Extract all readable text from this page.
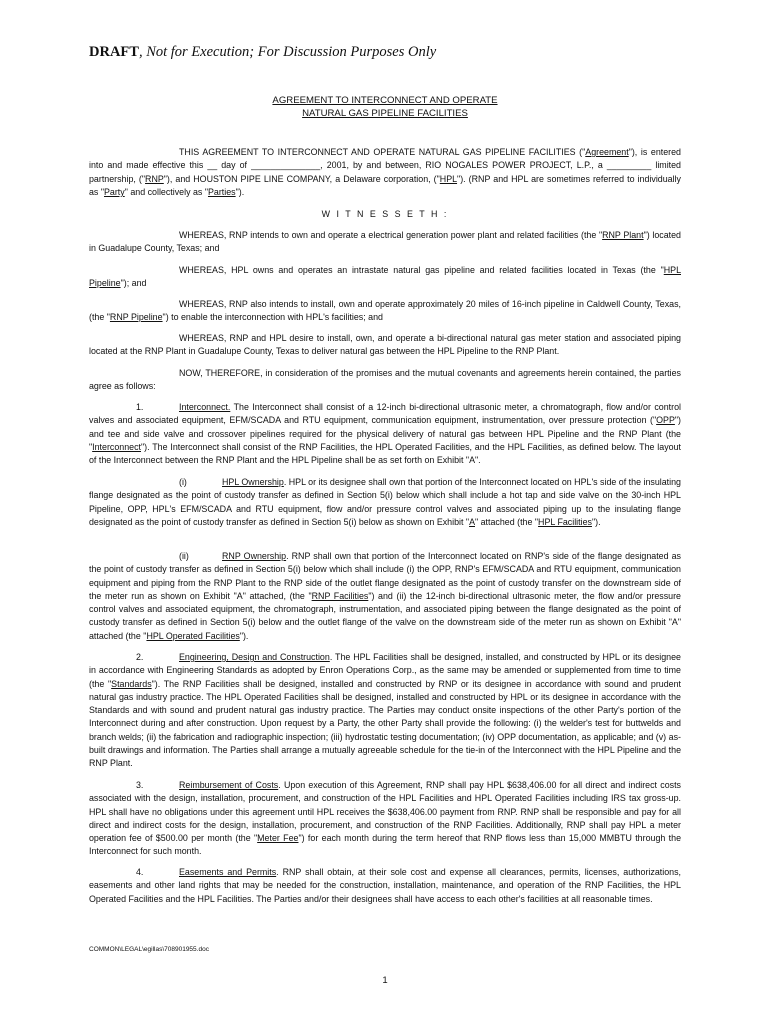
DRAFT, Not for Execution; For Discussion Purposes Only
AGREEMENT TO INTERCONNECT AND OPERATE
NATURAL GAS PIPELINE FACILITIES

THIS AGREEMENT TO INTERCONNECT AND OPERATE NATURAL GAS PIPELINE FACILITIES ("Agreement"), is entered into and made effective this __ day of ______________, 2001, by and between, RIO NOGALES POWER PROJECT, L.P., a _________ limited partnership, ("RNP"), and HOUSTON PIPE LINE COMPANY, a Delaware corporation, ("HPL"). (RNP and HPL are sometimes referred to individually as "Party" and collectively as "Parties").

W I T N E S S E T H :

WHEREAS, RNP intends to own and operate a electrical generation power plant and related facilities (the "RNP Plant") located in Guadalupe County, Texas; and

WHEREAS, HPL owns and operates an intrastate natural gas pipeline and related facilities located in Texas (the "HPL Pipeline"); and

WHEREAS, RNP also intends to install, own and operate approximately 20 miles of 16-inch pipeline in Caldwell County, Texas, (the "RNP Pipeline") to enable the interconnection with HPL's facilities; and

WHEREAS, RNP and HPL desire to install, own, and operate a bi-directional natural gas meter station and associated piping located at the RNP Plant in Guadalupe County, Texas to deliver natural gas between the HPL Pipeline to the RNP Plant.

NOW, THEREFORE, in consideration of the promises and the mutual covenants and agreements herein contained, the parties agree as follows:

1.	Interconnect. The Interconnect shall consist of a 12-inch bi-directional ultrasonic meter, a chromatograph, flow and/or control valves and associated equipment, EFM/SCADA and RTU equipment, communication equipment, instrumentation, over pressure protection ("OPP") and tee and side valve and crossover pipelines required for the physical delivery of natural gas between HPL Pipeline and the RNP Plant (the "Interconnect"). The Interconnect shall consist of the RNP Facilities, the HPL Operated Facilities, and the HPL Facilities, as defined below. The layout of the Interconnect between the RNP Plant and the HPL Pipeline shall be as set forth on Exhibit "A".

(i)	HPL Ownership. HPL or its designee shall own that portion of the Interconnect located on HPL's side of the insulating flange designated as the point of custody transfer as defined in Section 5(i) below which shall include a hot tap and side valve on the 30-inch HPL Pipeline, OPP, HPL's EFM/SCADA and RTU equipment, flow and/or pressure control valves and associated piping up to the insulating flange designated as the point of custody transfer as defined in Section 5(i) below as shown on Exhibit "A" attached (the "HPL Facilities").

(ii)	RNP Ownership. RNP shall own that portion of the Interconnect located on RNP's side of the flange designated as the point of custody transfer as defined in Section 5(i) below which shall include (i) the OPP, RNP's EFM/SCADA and RTU equipment, communication equipment and piping from the RNP Plant to the RNP side of the outlet flange designated as the point of custody transfer on the downstream side of the meter run as shown on Exhibit "A" attached, (the "RNP Facilities") and (ii) the 12-inch bi-directional ultrasonic meter, the flow and/or pressure control valves and associated equipment, the chromatograph, instrumentation, and associated piping between the flange designated as the point of custody transfer as defined in Section 5(i) below and the outlet flange of the valve on the downstream side of the meter run as shown on Exhibit "A" attached (the "HPL Operated Facilities").

2.	Engineering, Design and Construction. The HPL Facilities shall be designed, installed, and constructed by HPL or its designee in accordance with Engineering Standards as adopted by Enron Operations Corp., as the same may be amended or supplemented from time to time (the "Standards"). The RNP Facilities shall be designed, installed and constructed by RNP or its designee in accordance with sound and prudent natural gas industry practice. The HPL Operated Facilities shall be designed, installed and constructed by HPL or its designee in accordance with the Standards and with sound and prudent natural gas industry practice. The Parties may conduct onsite inspections of the other Party's portion of the Interconnect during and after construction. Upon request by a Party, the other Party shall provide the following: (i) the welder's test for buttwelds and branch welds; (ii) the fabrication and radiographic inspection; (iii) hydrostatic testing documentation; (iv) OPP documentation, as applicable; and (v) as-built drawings and information. The Parties shall arrange a mutually agreeable schedule for the tie-in of the Interconnect with the HPL Pipeline and the RNP Plant.

3.	Reimbursement of Costs. Upon execution of this Agreement, RNP shall pay HPL $638,406.00 for all direct and indirect costs associated with the design, installation, procurement, and construction of the HPL Facilities and HPL Operated Facilities including IRS tax gross-up. HPL shall have no obligations under this agreement until HPL receives the $638,406.00 payment from RNP. RNP shall be responsible and pay for all direct and indirect costs for the design, installation, procurement, and construction of the RNP Facilities. Additionally, RNP shall pay HPL a meter operation fee of $500.00 per month (the "Meter Fee") for each month during the term hereof that RNP flows less than 15,000 MMBTU through the Interconnect for such month.

4.	Easements and Permits. RNP shall obtain, at their sole cost and expense all clearances, permits, licenses, authorizations, easements and other land rights that may be needed for the construction, installation, maintenance, and operation of the RNP Facilities, the HPL Operated Facilities and the HPL Facilities. The Parties and/or their designees shall have access to each other's facilities at all reasonable times.

COMMON\LEGAL\egillas\708901955.doc
1
